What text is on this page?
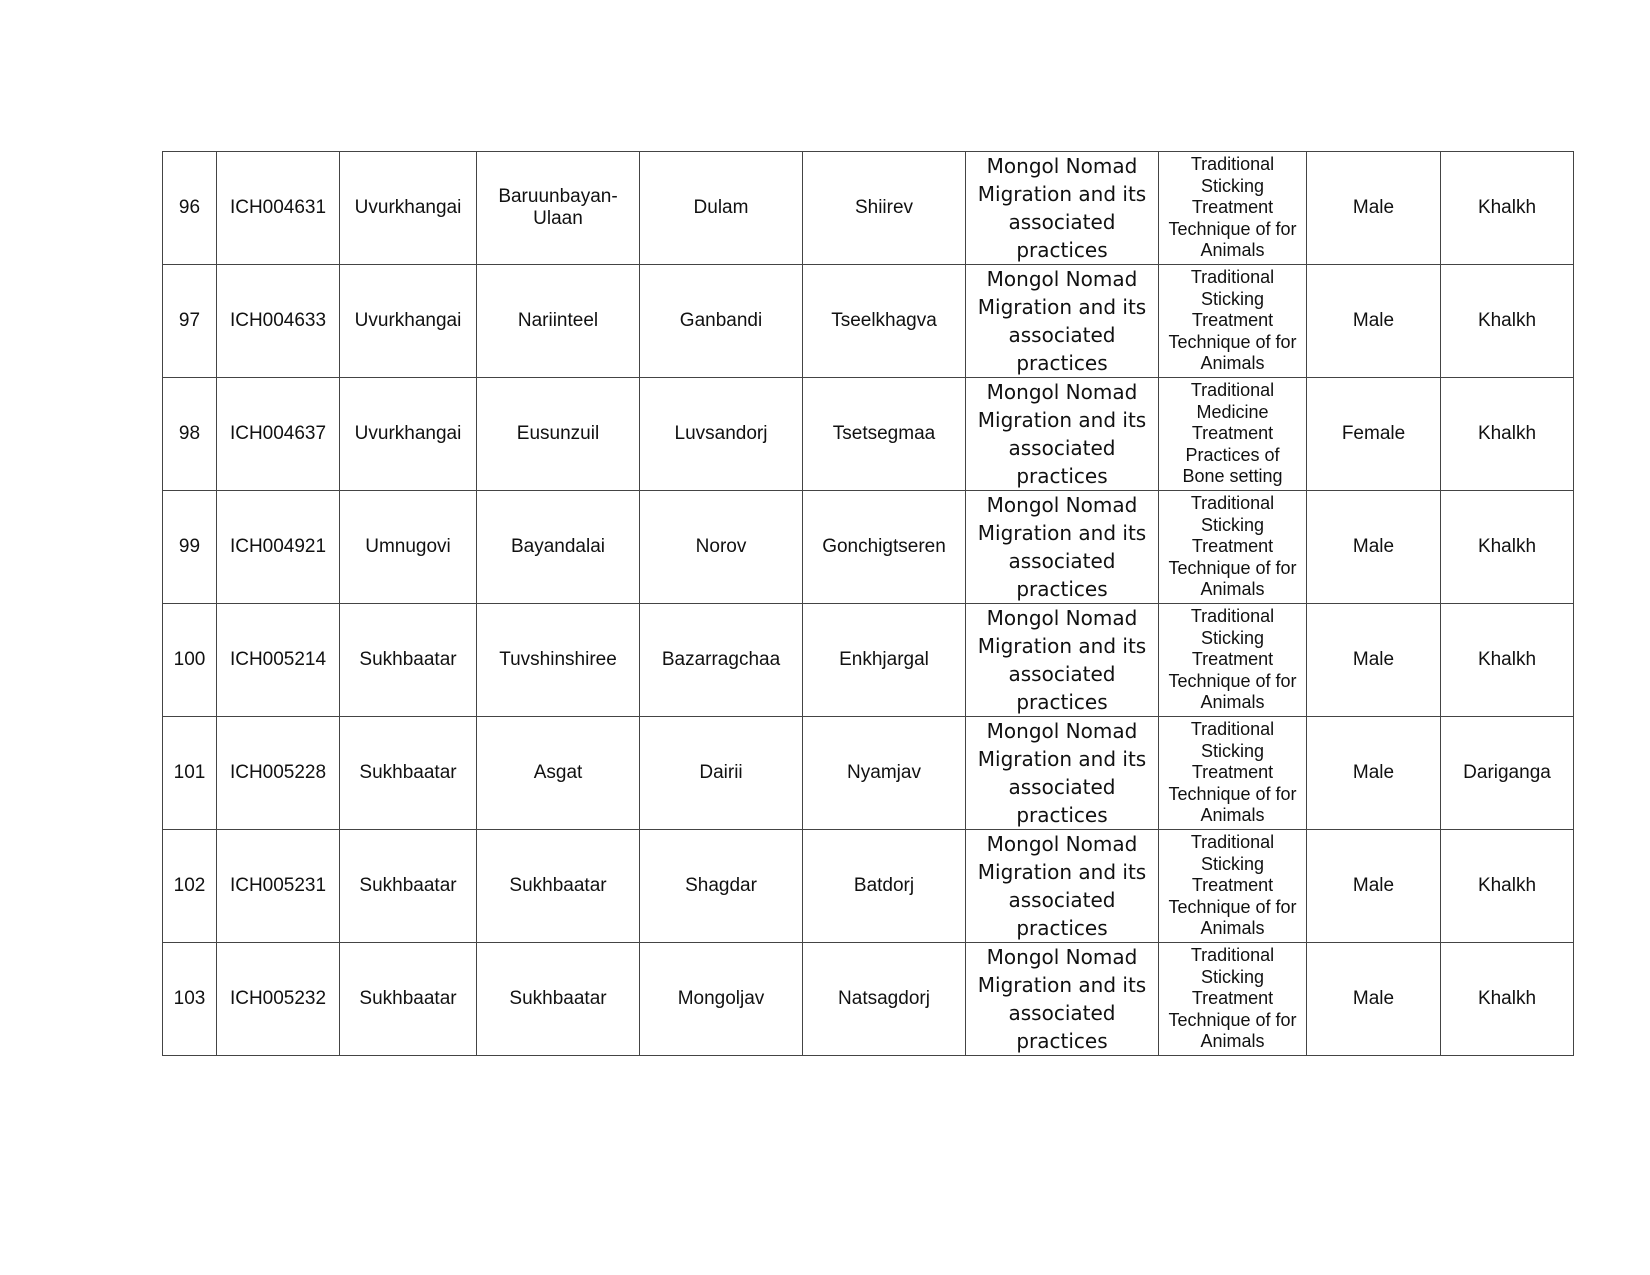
96	ICH004631	Uvurkhangai	Baruunbayan-Ulaan	Dulam	Shiirev	Mongol Nomad Migration and its associated practices	Traditional Sticking Treatment Technique of for Animals	Male	Khalkh
97	ICH004633	Uvurkhangai	Nariinteel	Ganbandi	Tseelkhagva	Mongol Nomad Migration and its associated practices	Traditional Sticking Treatment Technique of for Animals	Male	Khalkh
98	ICH004637	Uvurkhangai	Eusunzuil	Luvsandorj	Tsetsegmaa	Mongol Nomad Migration and its associated practices	Traditional Medicine Treatment Practices of Bone setting	Female	Khalkh
99	ICH004921	Umnugovi	Bayandalai	Norov	Gonchigtseren	Mongol Nomad Migration and its associated practices	Traditional Sticking Treatment Technique of for Animals	Male	Khalkh
100	ICH005214	Sukhbaatar	Tuvshinshiree	Bazarragchaa	Enkhjargal	Mongol Nomad Migration and its associated practices	Traditional Sticking Treatment Technique of for Animals	Male	Khalkh
101	ICH005228	Sukhbaatar	Asgat	Dairii	Nyamjav	Mongol Nomad Migration and its associated practices	Traditional Sticking Treatment Technique of for Animals	Male	Dariganga
102	ICH005231	Sukhbaatar	Sukhbaatar	Shagdar	Batdorj	Mongol Nomad Migration and its associated practices	Traditional Sticking Treatment Technique of for Animals	Male	Khalkh
103	ICH005232	Sukhbaatar	Sukhbaatar	Mongoljav	Natsagdorj	Mongol Nomad Migration and its associated practices	Traditional Sticking Treatment Technique of for Animals	Male	Khalkh
